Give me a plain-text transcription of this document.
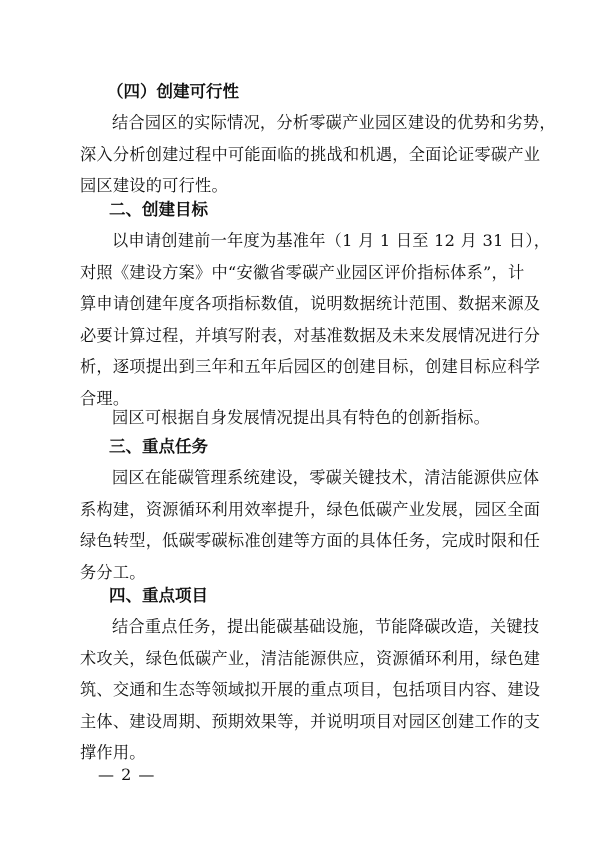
（四）创建可行性
结合园区的实际情况，分析零碳产业园区建设的优势和劣势，
深入分析创建过程中可能面临的挑战和机遇，全面论证零碳产业
园区建设的可行性。
二、创建目标
以申请创建前一年度为基准年（1 月 1 日至 12 月 31 日），
对照《建设方案》中“安徽省零碳产业园区评价指标体系”，计
算申请创建年度各项指标数值，说明数据统计范围、数据来源及
必要计算过程，并填写附表，对基准数据及未来发展情况进行分
析，逐项提出到三年和五年后园区的创建目标，创建目标应科学
合理。
园区可根据自身发展情况提出具有特色的创新指标。
三、重点任务
园区在能碳管理系统建设，零碳关键技术，清洁能源供应体
系构建，资源循环利用效率提升，绿色低碳产业发展，园区全面
绿色转型，低碳零碳标准创建等方面的具体任务，完成时限和任
务分工。
四、重点项目
结合重点任务，提出能碳基础设施，节能降碳改造，关键技
术攻关，绿色低碳产业，清洁能源供应，资源循环利用，绿色建
筑、交通和生态等领域拟开展的重点项目，包括项目内容、建设
主体、建设周期、预期效果等，并说明项目对园区创建工作的支
撑作用。
— 2 —
